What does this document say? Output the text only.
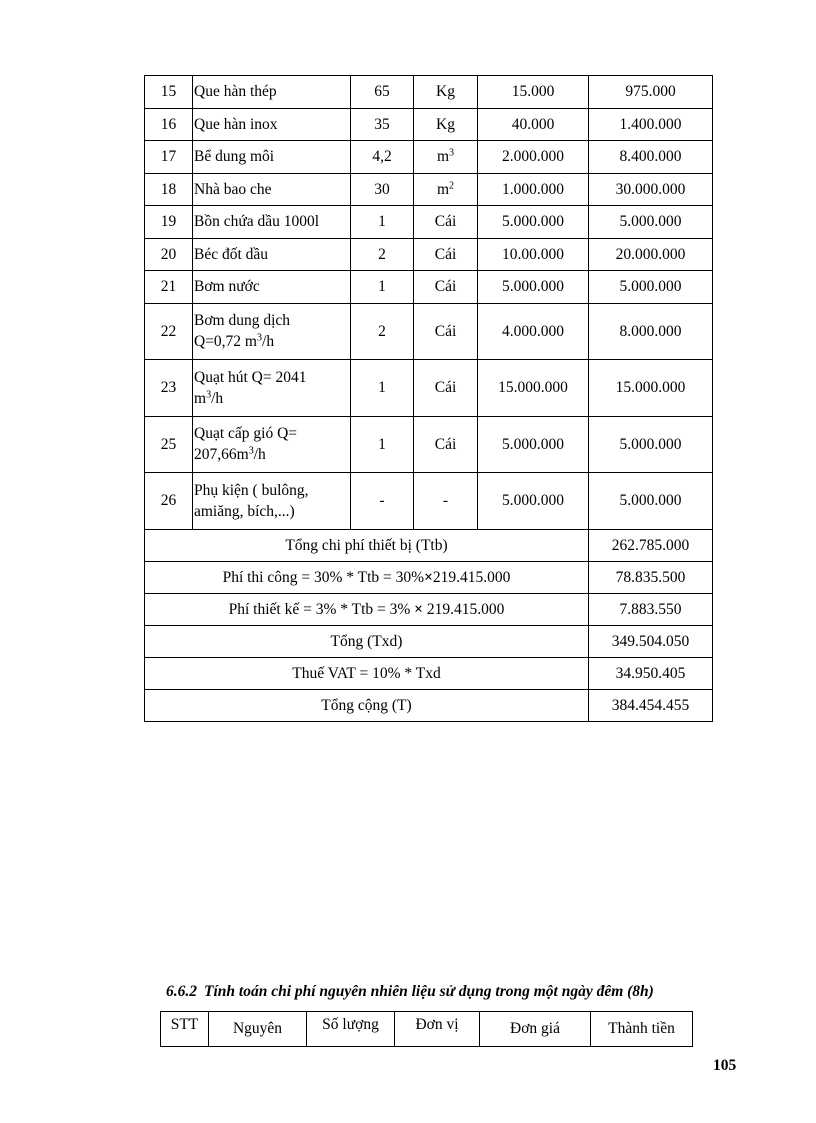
15	Que hàn thép	65	Kg	15.000	975.000
16	Que hàn inox	35	Kg	40.000	1.400.000
17	Bể dung môi	4,2	$m^3$	2.000.000	8.400.000
18	Nhà bao che	30	$m^2$	1.000.000	30.000.000
19	Bồn chứa dầu 1000l	1	Cái	5.000.000	5.000.000
20	Béc đốt dầu	2	Cái	10.00.000	20.000.000
21	Bơm nước	1	Cái	5.000.000	5.000.000
22	Bơm dung dịch
Q=0,72 $m^3/h$	2	Cái	4.000.000	8.000.000
23	Quạt hút Q= 2041
$m^3/h$	1	Cái	15.000.000	15.000.000
25	Quạt cấp gió Q=
$207,66m^3/h$	1	Cái	5.000.000	5.000.000
26	Phụ kiện ( bulông,
amiăng, bích,...)	-	-	5.000.000	5.000.000
Tổng chi phí thiết bị (Ttb)					262.785.000
Phí thi công = 30% * Ttb = 30%×219.415.000					78.835.500
Phí thiết kế = 3% * Ttb = 3% × 219.415.000					7.883.550
Tổng (Txd)					349.504.050
Thuế VAT = 10% * Txd					34.950.405
Tổng cộng (T)					384.454.455
6.6.2 Tính toán chi phí nguyên nhiên liệu sử dụng trong một ngày đêm (8h)
STT	Nguyên	Số lượng	Đơn vị	Đơn giá	Thành tiền
105
